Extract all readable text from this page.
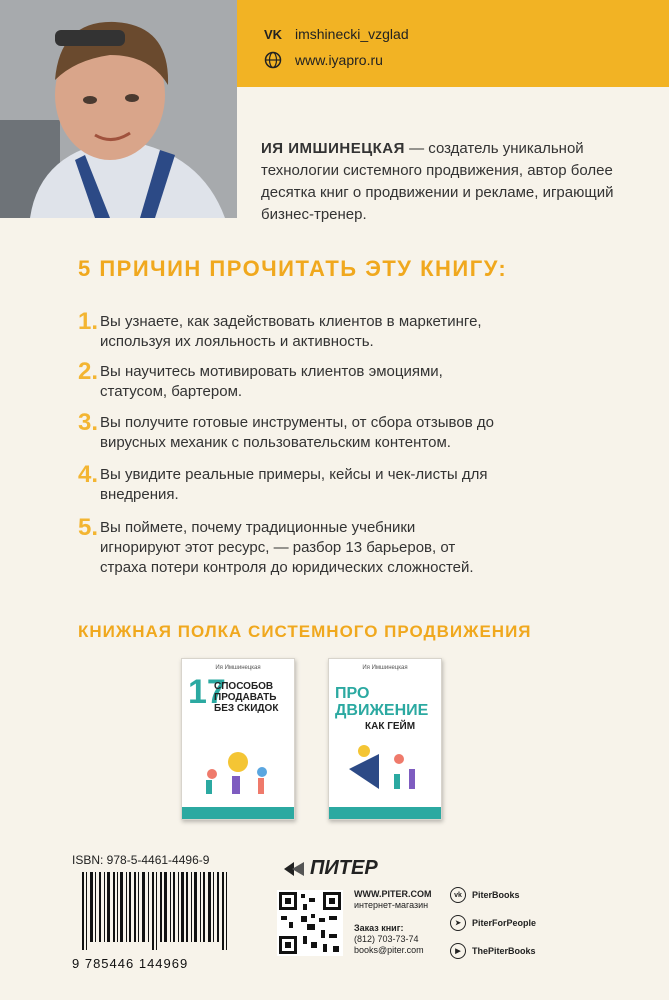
VK imshinecki_vzglad
www.iyapro.ru
ИЯ ИМШИНЕЦКАЯ — создатель уникальной технологии системного продвижения, автор более десятка книг о продвижении и рекламе, играющий бизнес-тренер.
5 ПРИЧИН ПРОЧИТАТЬ ЭТУ КНИГУ:
1. Вы узнаете, как задействовать клиентов в маркетинге, используя их лояльность и активность.
2. Вы научитесь мотивировать клиентов эмоциями, статусом, бартером.
3. Вы получите готовые инструменты, от сбора отзывов до вирусных механик с пользовательским контентом.
4. Вы увидите реальные примеры, кейсы и чек-листы для внедрения.
5. Вы поймете, почему традиционные учебники игнорируют этот ресурс, — разбор 13 барьеров, от страха потери контроля до юридических сложностей.
КНИЖНАЯ ПОЛКА СИСТЕМНОГО ПРОДВИЖЕНИЯ
Ия Имшинецкая
17
СПОСОБОВ
ПРОДАВАТЬ
БЕЗ СКИДОК
Ия Имшинецкая
ПРО
ДВИЖЕНИЕ
КАК ГЕЙМ
ISBN: 978-5-4461-4496-9
9 785446 144969
ПИТЕР
WWW.PITER.COM
интернет-магазин
Заказ книг:
(812) 703-73-74
books@piter.com
vk	PiterBooks
➤	PiterForPeople
▶	ThePiterBooks
